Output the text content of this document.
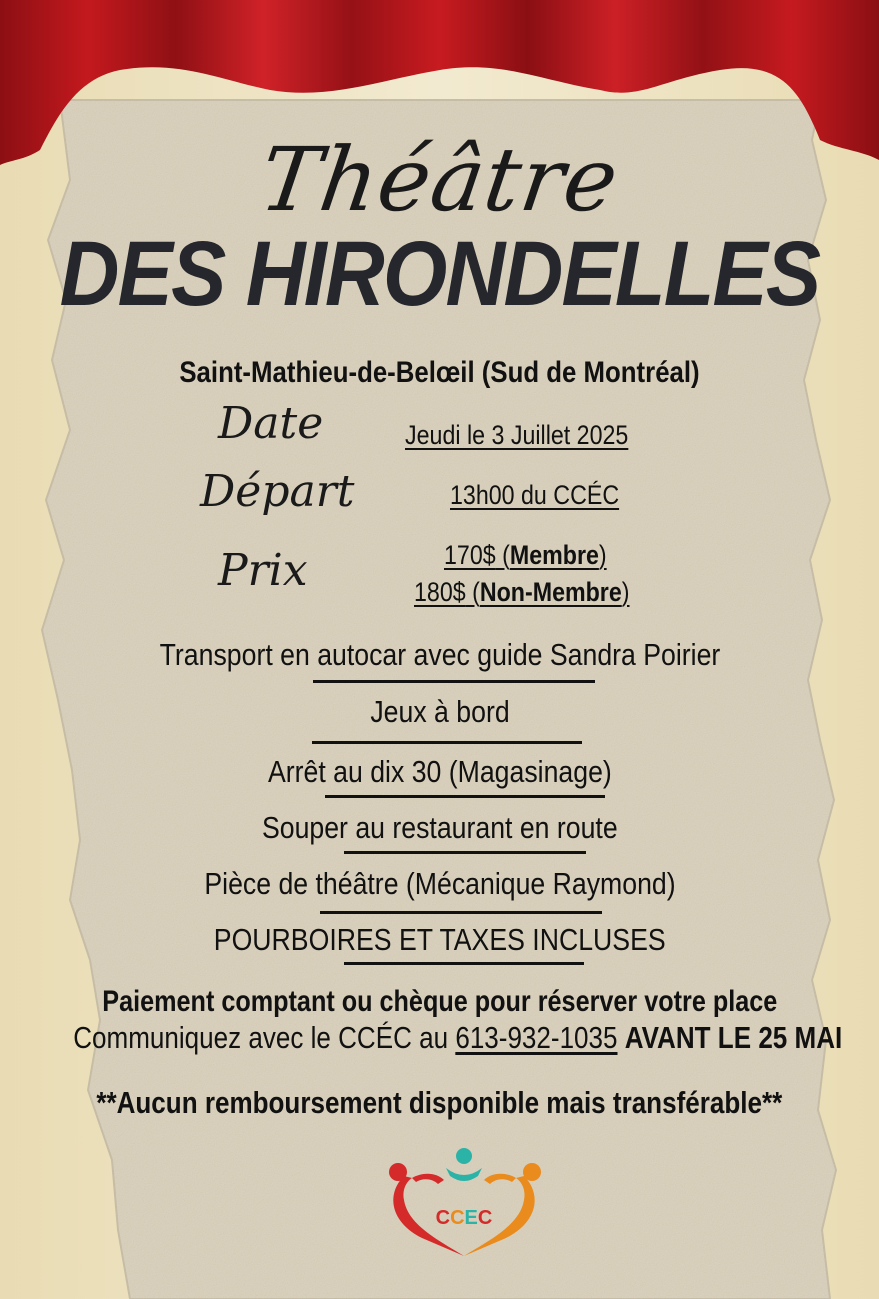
Théâtre
DES HIRONDELLES
Saint-Mathieu-de-Belœil (Sud de Montréal)
Date	Jeudi le 3 Juillet 2025
Départ	13h00 du CCÉC
Prix	170$ (Membre)
180$ (Non-Membre)
Transport en autocar avec guide Sandra Poirier
Jeux à bord
Arrêt au dix 30 (Magasinage)
Souper au restaurant en route
Pièce de théâtre (Mécanique Raymond)
POURBOIRES ET TAXES INCLUSES
Paiement comptant ou chèque pour réserver votre place
Communiquez avec le CCÉC au 613-932-1035 AVANT LE 25 MAI
**Aucun remboursement disponible mais transférable**
CCEC
